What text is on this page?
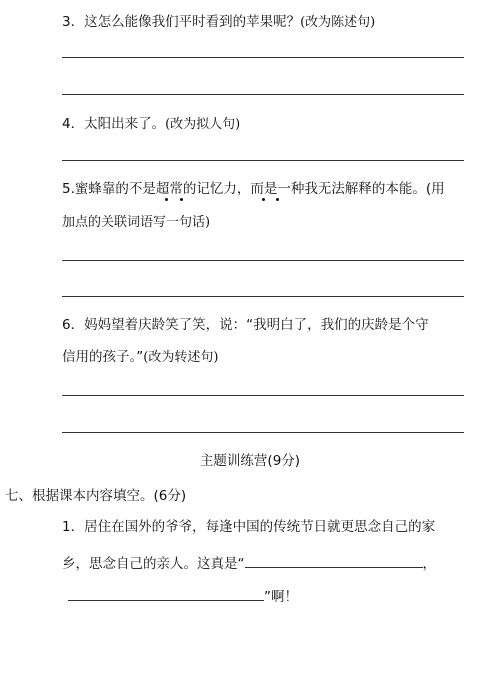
3．这怎么能像我们平时看到的苹果呢？(改为陈述句)
4．太阳出来了。(改为拟人句)
5.蜜蜂靠的不是超常的记忆力，而是一种我无法解释的本能。(用
加点的关联词语写一句话)
6．妈妈望着庆龄笑了笑，说：“我明白了，我们的庆龄是个守
信用的孩子。”(改为转述句)
主题训练营(9分)
七、根据课本内容填空。(6分)
1．居住在国外的爷爷，每逢中国的传统节日就更思念自己的家
乡，思念自己的亲人。这真是“	，
”啊！
